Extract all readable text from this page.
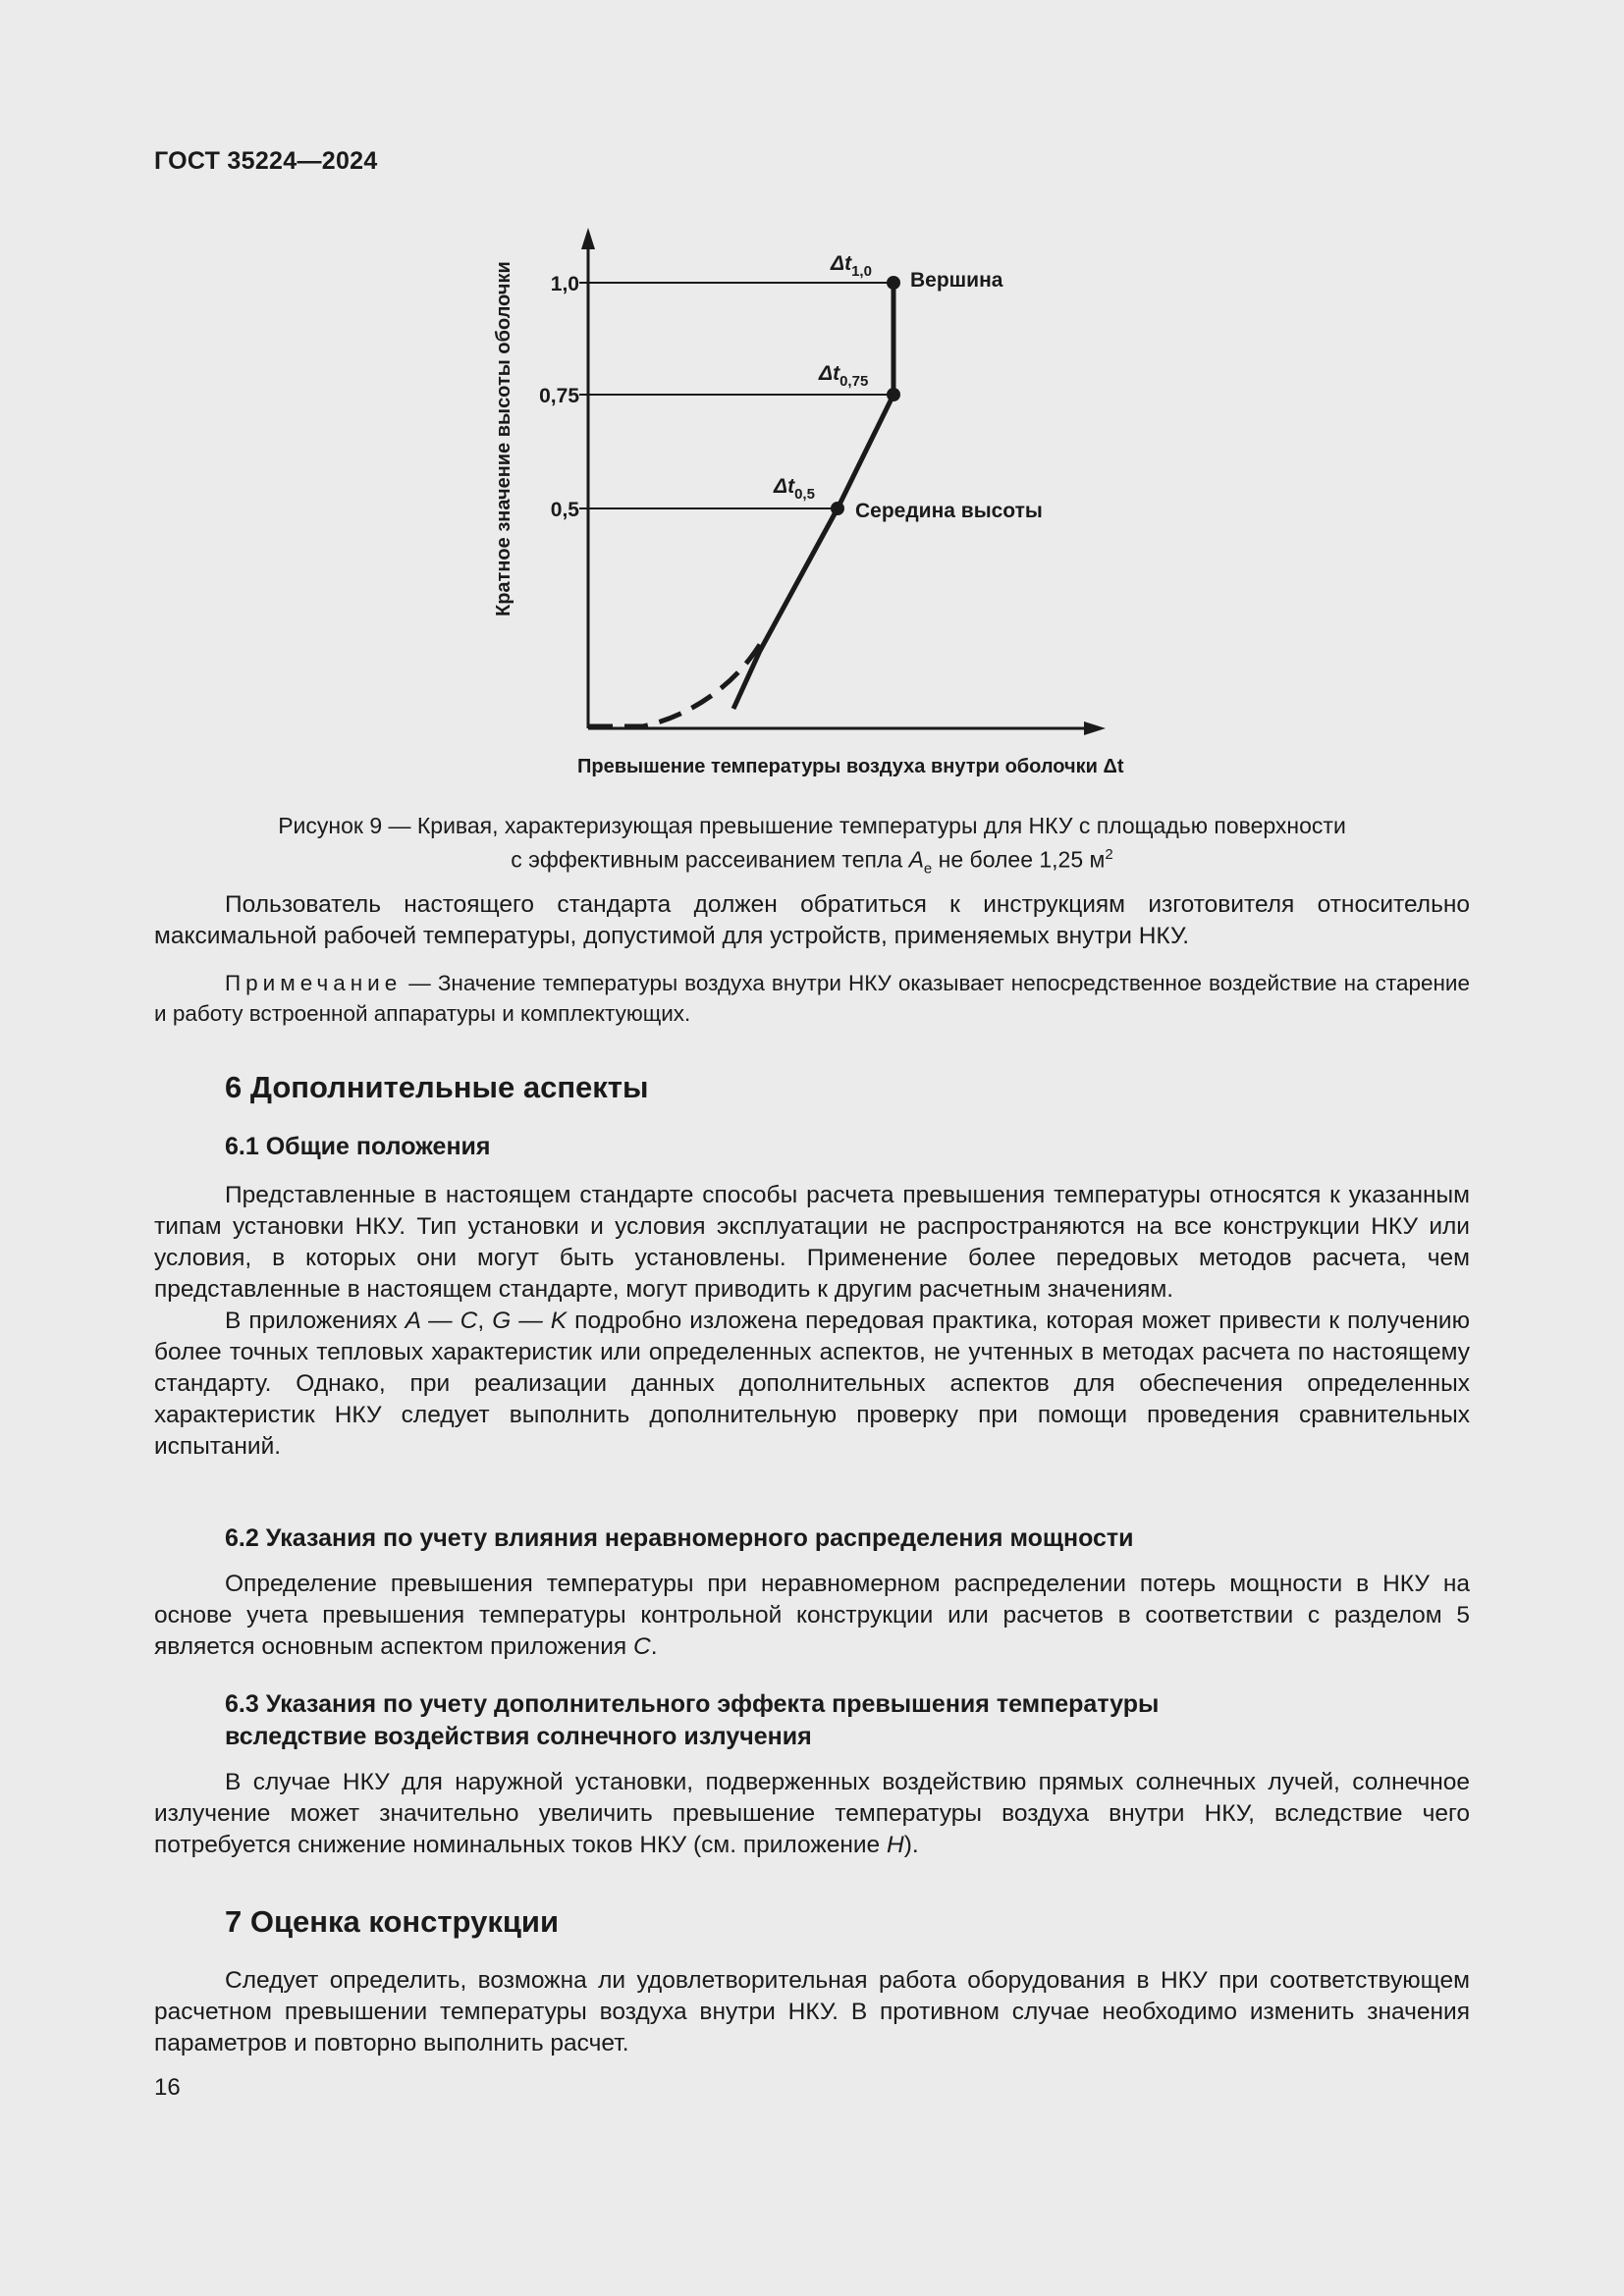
ГОСТ 35224—2024
1,0
0,75
0,5
$\Delta t_{1,0}$
$\Delta t_{0,75}$
$\Delta t_{0,5}$
Вершина
Середина высоты
Кратное значение высоты оболочки
Превышение температуры воздуха внутри оболочки Δt
Рисунок 9 — Кривая, характеризующая превышение температуры для НКУ с площадью поверхности
с эффективным рассеиванием тепла $A_e$ не более 1,25 $м^2$

Пользователь настоящего стандарта должен обратиться к инструкциям изготовителя относительно максимальной рабочей температуры, допустимой для устройств, применяемых внутри НКУ.

Примечание — Значение температуры воздуха внутри НКУ оказывает непосредственное воздействие на старение и работу встроенной аппаратуры и комплектующих.

6 Дополнительные аспекты
6.1 Общие положения

Представленные в настоящем стандарте способы расчета превышения температуры относятся к указанным типам установки НКУ. Тип установки и условия эксплуатации не распространяются на все конструкции НКУ или условия, в которых они могут быть установлены. Применение более передовых методов расчета, чем представленные в настоящем стандарте, могут приводить к другим расчетным значениям.

В приложениях A — C, G — K подробно изложена передовая практика, которая может привести к получению более точных тепловых характеристик или определенных аспектов, не учтенных в методах расчета по настоящему стандарту. Однако, при реализации данных дополнительных аспектов для обеспечения определенных характеристик НКУ следует выполнить дополнительную проверку при помощи проведения сравнительных испытаний.

6.2 Указания по учету влияния неравномерного распределения мощности

Определение превышения температуры при неравномерном распределении потерь мощности в НКУ на основе учета превышения температуры контрольной конструкции или расчетов в соответствии с разделом 5 является основным аспектом приложения C.

6.3 Указания по учету дополнительного эффекта превышения температуры
вследствие воздействия солнечного излучения

В случае НКУ для наружной установки, подверженных воздействию прямых солнечных лучей, солнечное излучение может значительно увеличить превышение температуры воздуха внутри НКУ, вследствие чего потребуется снижение номинальных токов НКУ (см. приложение H).

7 Оценка конструкции

Следует определить, возможна ли удовлетворительная работа оборудования в НКУ при соответствующем расчетном превышении температуры воздуха внутри НКУ. В противном случае необходимо изменить значения параметров и повторно выполнить расчет.

16
